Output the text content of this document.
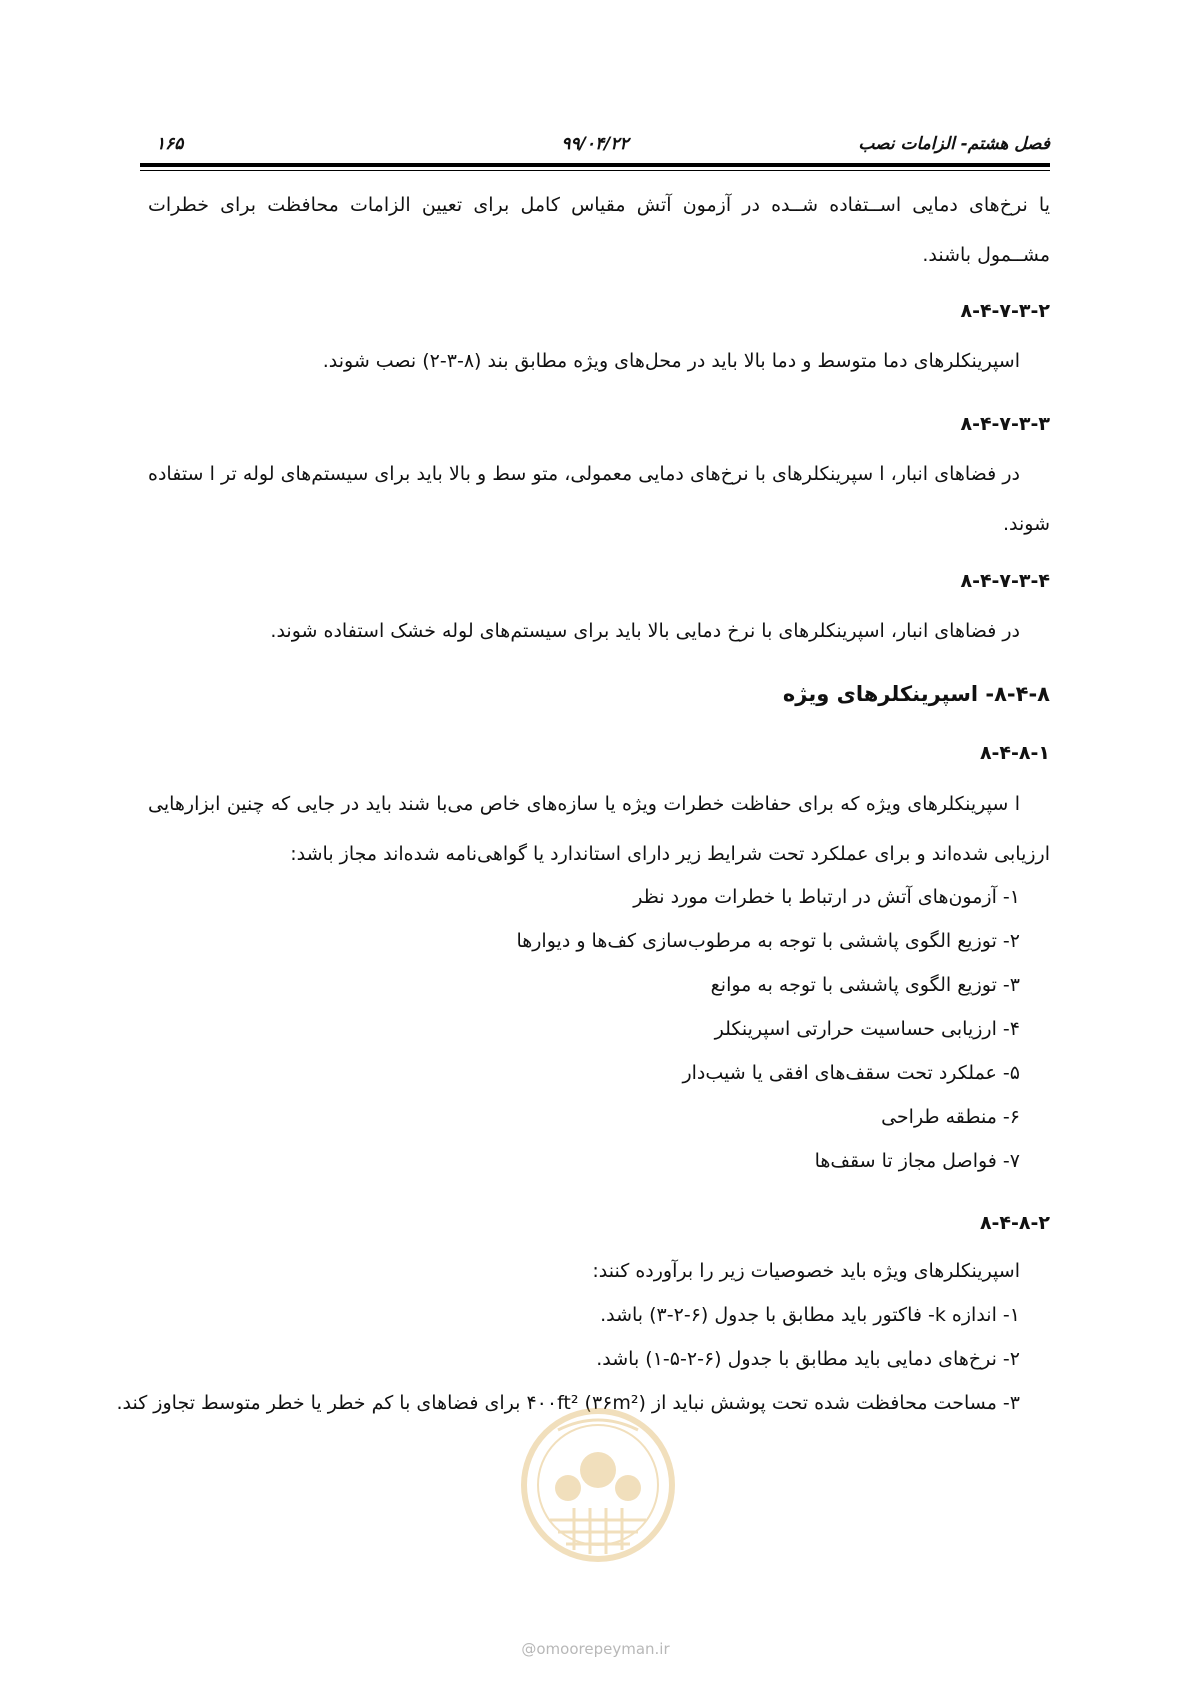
فصل هشتم- الزامات نصب
۹۹/۰۴/۲۲
۱۶۵
یا نرخ‌های دمایی اســتفاده شــده در آزمون آتش مقیاس کامل برای تعیین الزامات محافظت برای خطرات مشــمول باشند.
۸-۴-۷-۳-۲
اسپرینکلرهای دما متوسط و دما بالا باید در محل‌های ویژه مطابق بند (۸-۳-۲) نصب شوند.
۸-۴-۷-۳-۳
در فضاهای انبار، ا سپرینکلرهای با نرخ‌های دمایی معمولی، متو سط و بالا باید برای سیستم‌های لوله تر ا ستفاده شوند.
۸-۴-۷-۳-۴
در فضاهای انبار، اسپرینکلرهای با نرخ دمایی بالا باید برای سیستم‌های لوله خشک استفاده شوند.
۸-۴-۸- اسپرینکلرهای ویژه
۸-۴-۸-۱
ا سپرینکلرهای ویژه که برای حفاظت خطرات ویژه یا سازه‌های خاص می‌با شند باید در جایی که چنین ابزارهایی ارزیابی شده‌اند و برای عملکرد تحت شرایط زیر دارای استاندارد یا گواهی‌نامه شده‌اند مجاز باشد:
۱- آزمون‌های آتش در ارتباط با خطرات مورد نظر
۲- توزیع الگوی پاششی با توجه به مرطوب‌سازی کف‌ها و دیوارها
۳- توزیع الگوی پاششی با توجه به موانع
۴- ارزیابی حساسیت حرارتی اسپرینکلر
۵- عملکرد تحت سقف‌های افقی یا شیب‌دار
۶- منطقه طراحی
۷- فواصل مجاز تا سقف‌ها
۸-۴-۸-۲
اسپرینکلرهای ویژه باید خصوصیات زیر را برآورده کنند:
۱- اندازه k- فاکتور باید مطابق با جدول (۶-۲-۳) باشد.
۲- نرخ‌های دمایی باید مطابق با جدول (۶-۲-۵-۱) باشد.
۳- مساحت محافظت شده تحت پوشش نباید از ۴۰۰ft² (۳۶m²) برای فضاهای با کم خطر یا خطر متوسط تجاوز کند.
@omoorepeyman.ir
